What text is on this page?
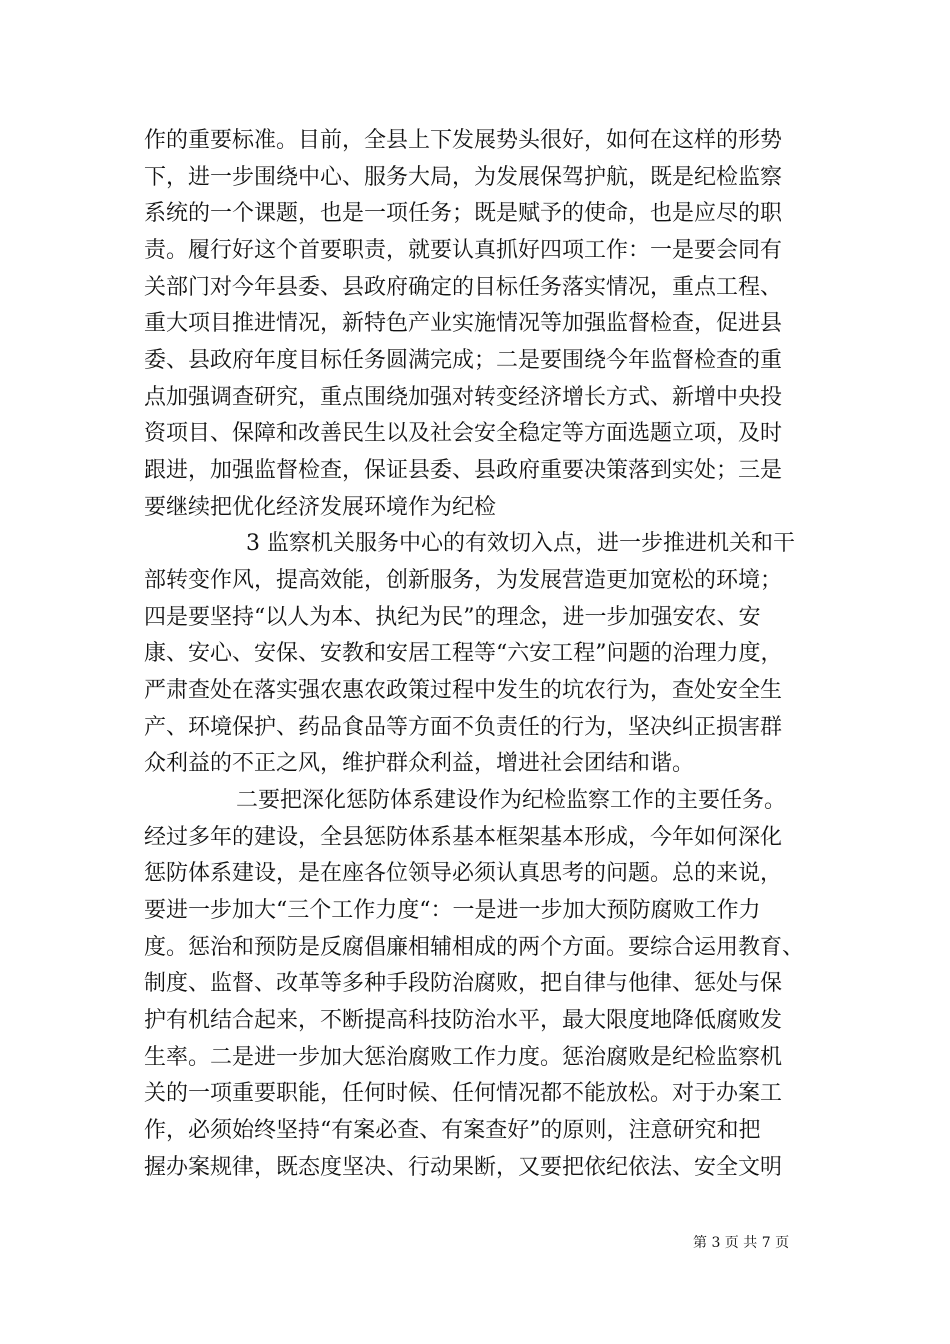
作的重要标准。目前，全县上下发展势头很好，如何在这样的形势
下，进一步围绕中心、服务大局，为发展保驾护航，既是纪检监察
系统的一个课题，也是一项任务；既是赋予的使命，也是应尽的职
责。履行好这个首要职责，就要认真抓好四项工作：一是要会同有
关部门对今年县委、县政府确定的目标任务落实情况，重点工程、
重大项目推进情况，新特色产业实施情况等加强监督检查，促进县
委、县政府年度目标任务圆满完成；二是要围绕今年监督检查的重
点加强调查研究，重点围绕加强对转变经济增长方式、新增中央投
资项目、保障和改善民生以及社会安全稳定等方面选题立项，及时
跟进，加强监督检查，保证县委、县政府重要决策落到实处；三是
要继续把优化经济发展环境作为纪检
3 监察机关服务中心的有效切入点，进一步推进机关和干
部转变作风，提高效能，创新服务，为发展营造更加宽松的环境；
四是要坚持“以人为本、执纪为民”的理念，进一步加强安农、安
康、安心、安保、安教和安居工程等“六安工程”问题的治理力度，
严肃查处在落实强农惠农政策过程中发生的坑农行为，查处安全生
产、环境保护、药品食品等方面不负责任的行为，坚决纠正损害群
众利益的不正之风，维护群众利益，增进社会团结和谐。
二要把深化惩防体系建设作为纪检监察工作的主要任务。
经过多年的建设，全县惩防体系基本框架基本形成，今年如何深化
惩防体系建设，是在座各位领导必须认真思考的问题。总的来说，
要进一步加大“三个工作力度“：一是进一步加大预防腐败工作力
度。惩治和预防是反腐倡廉相辅相成的两个方面。要综合运用教育、
制度、监督、改革等多种手段防治腐败，把自律与他律、惩处与保
护有机结合起来，不断提高科技防治水平，最大限度地降低腐败发
生率。二是进一步加大惩治腐败工作力度。惩治腐败是纪检监察机
关的一项重要职能，任何时候、任何情况都不能放松。对于办案工
作，必须始终坚持“有案必查、有案查好”的原则，注意研究和把
握办案规律，既态度坚决、行动果断，又要把依纪依法、安全文明
第 3 页 共 7 页
